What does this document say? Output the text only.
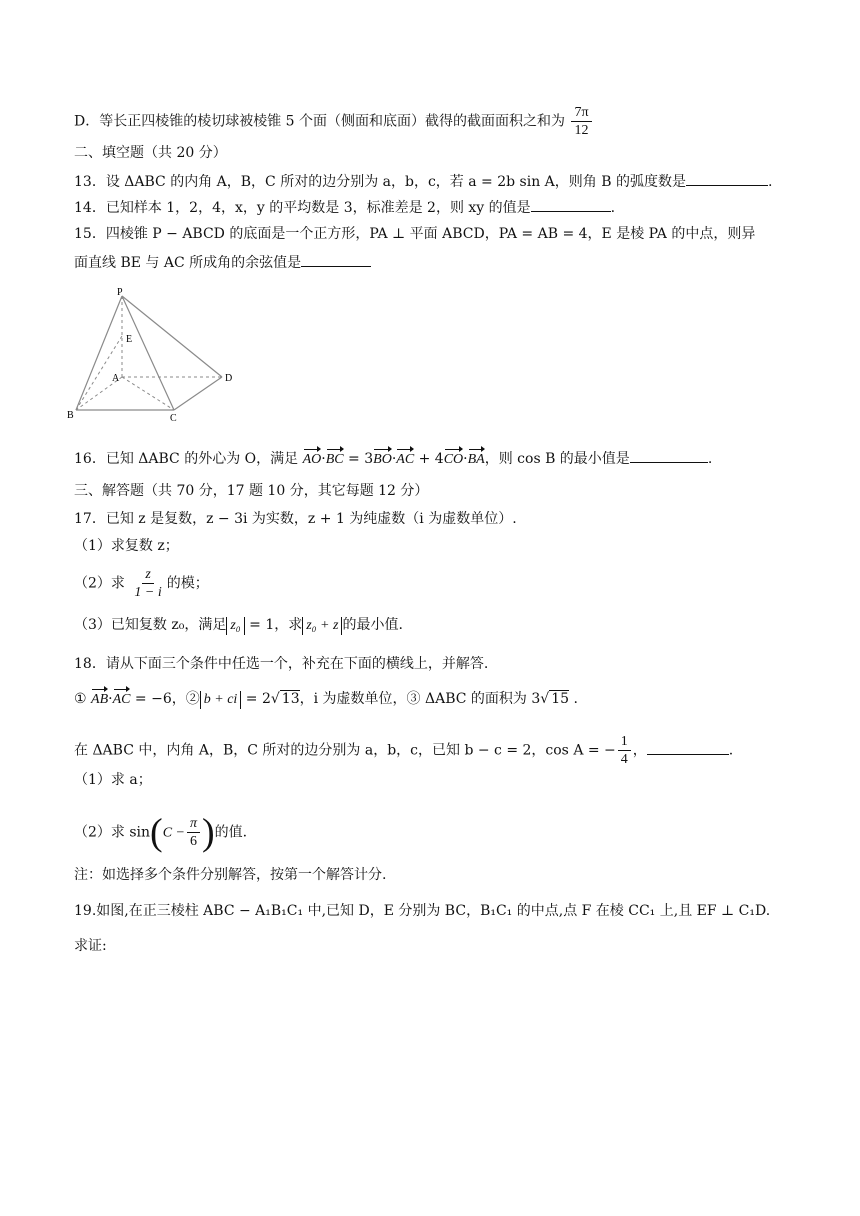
D．等长正四棱锥的棱切球被棱锥 5 个面（侧面和底面）截得的截面面积之和为 $\frac{7\pi}{12}$
二、填空题（共 20 分）
13．设 ΔABC 的内角 A，B，C 所对的边分别为 a，b，c，若 a = 2b sin A，则角 B 的弧度数是	.
14．已知样本 1，2，4，x，y 的平均数是 3，标准差是 2，则 xy 的值是	.
15．四棱锥 P − ABCD 的底面是一个正方形，PA ⊥ 平面 ABCD，PA = AB = 4，E 是棱 PA 的中点，则异
面直线 BE 与 AC 所成角的余弦值是
P
E
A	D
B	C
16．已知 ΔABC 的外心为 O，满足 AO·BC = 3BO·AC + 4CO·BA，则 cos B 的最小值是	.
三、解答题（共 70 分，17 题 10 分，其它每题 12 分）
17．已知 z 是复数，z − 3i 为实数，z + 1 为纯虚数（i 为虚数单位）.
（1）求复数 z；
（2）求 $\frac{z}{1 - i}$ 的模；
（3）已知复数 z₀，满足 z₀ = 1，求 z₀ + z 的最小值.
18．请从下面三个条件中任选一个，补充在下面的横线上，并解答.
① AB·AC = −6，② b + ci = 2√ 13，i 为虚数单位，③ ΔABC 的面积为 3√ 15 .
在 ΔABC 中，内角 A，B，C 所对的边分别为 a，b，c，已知 b − c = 2，cos A = − $\frac{1}{4}$ ，	.
（1）求 a；
（2）求 $\sin(C - \frac{\pi}{6}$ )的值.
注：如选择多个条件分别解答，按第一个解答计分.
19.如图,在正三棱柱 ABC − A₁B₁C₁ 中,已知 D，E 分别为 BC，B₁C₁ 的中点,点 F 在棱 CC₁ 上,且 EF ⊥ C₁D.
求证:
